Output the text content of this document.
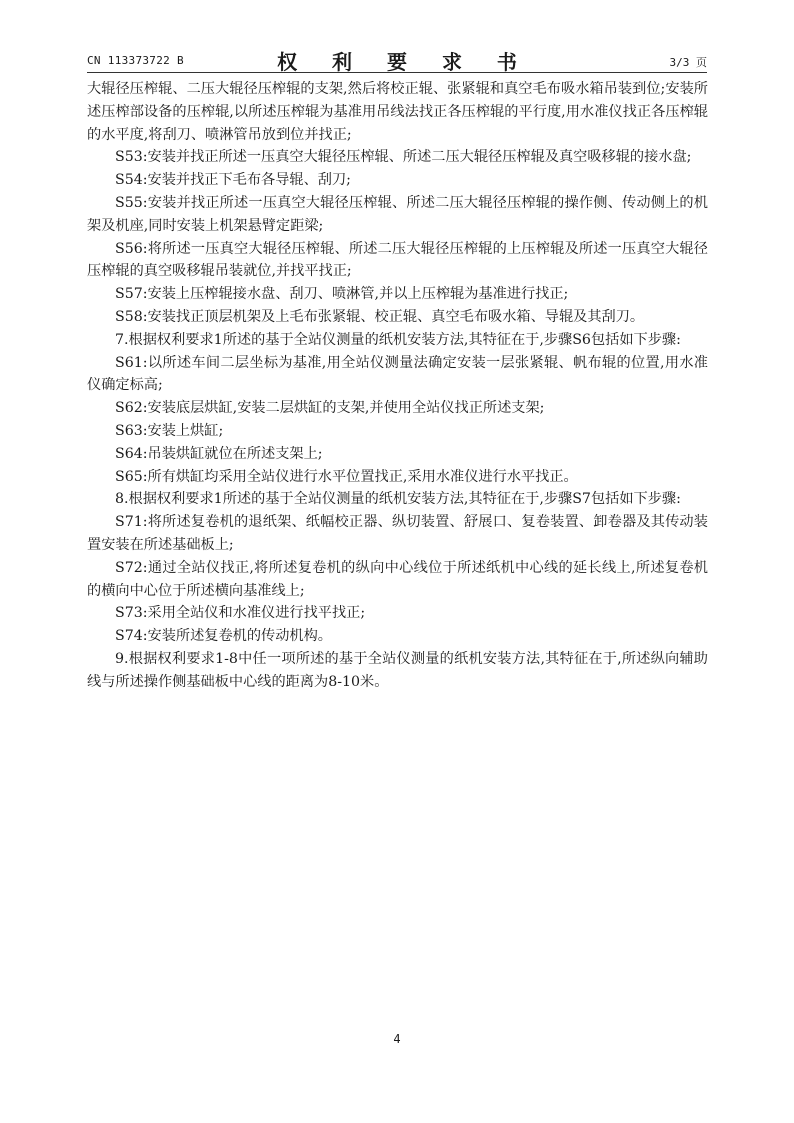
CN 113373722 B	权 利 要 求 书	3/3 页

大辊径压榨辊、二压大辊径压榨辊的支架,然后将校正辊、张紧辊和真空毛布吸水箱吊装到位;安装所述压榨部设备的压榨辊,以所述压榨辊为基准用吊线法找正各压榨辊的平行度,用水准仪找正各压榨辊的水平度,将刮刀、喷淋管吊放到位并找正;

S53:安装并找正所述一压真空大辊径压榨辊、所述二压大辊径压榨辊及真空吸移辊的接水盘;

S54:安装并找正下毛布各导辊、刮刀;

S55:安装并找正所述一压真空大辊径压榨辊、所述二压大辊径压榨辊的操作侧、传动侧上的机架及机座,同时安装上机架悬臂定距梁;

S56:将所述一压真空大辊径压榨辊、所述二压大辊径压榨辊的上压榨辊及所述一压真空大辊径压榨辊的真空吸移辊吊装就位,并找平找正;

S57:安装上压榨辊接水盘、刮刀、喷淋管,并以上压榨辊为基准进行找正;

S58:安装找正顶层机架及上毛布张紧辊、校正辊、真空毛布吸水箱、导辊及其刮刀。

7.根据权利要求1所述的基于全站仪测量的纸机安装方法,其特征在于,步骤S6包括如下步骤:

S61:以所述车间二层坐标为基准,用全站仪测量法确定安装一层张紧辊、帆布辊的位置,用水准仪确定标高;

S62:安装底层烘缸,安装二层烘缸的支架,并使用全站仪找正所述支架;

S63:安装上烘缸;

S64:吊装烘缸就位在所述支架上;

S65:所有烘缸均采用全站仪进行水平位置找正,采用水准仪进行水平找正。

8.根据权利要求1所述的基于全站仪测量的纸机安装方法,其特征在于,步骤S7包括如下步骤:

S71:将所述复卷机的退纸架、纸幅校正器、纵切装置、舒展口、复卷装置、卸卷器及其传动装置安装在所述基础板上;

S72:通过全站仪找正,将所述复卷机的纵向中心线位于所述纸机中心线的延长线上,所述复卷机的横向中心位于所述横向基准线上;

S73:采用全站仪和水准仪进行找平找正;

S74:安装所述复卷机的传动机构。

9.根据权利要求1-8中任一项所述的基于全站仪测量的纸机安装方法,其特征在于,所述纵向辅助线与所述操作侧基础板中心线的距离为8-10米。

4
